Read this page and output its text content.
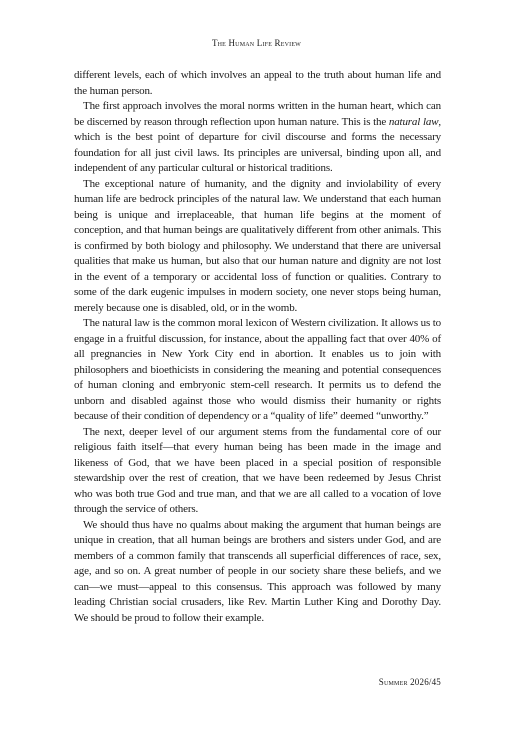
The Human Life Review

different levels, each of which involves an appeal to the truth about human life and the human person.

The first approach involves the moral norms written in the human heart, which can be discerned by reason through reflection upon human nature. This is the natural law, which is the best point of departure for civil discourse and forms the necessary foundation for all just civil laws. Its principles are universal, binding upon all, and independent of any particular cultural or historical traditions.

The exceptional nature of humanity, and the dignity and inviolability of every human life are bedrock principles of the natural law. We understand that each human being is unique and irreplaceable, that human life begins at the moment of conception, and that human beings are qualitatively different from other animals. This is confirmed by both biology and philosophy. We understand that there are universal qualities that make us human, but also that our human nature and dignity are not lost in the event of a temporary or accidental loss of function or qualities. Contrary to some of the dark eugenic impulses in modern society, one never stops being human, merely because one is disabled, old, or in the womb.

The natural law is the common moral lexicon of Western civilization. It allows us to engage in a fruitful discussion, for instance, about the appalling fact that over 40% of all pregnancies in New York City end in abortion. It enables us to join with philosophers and bioethicists in considering the meaning and potential consequences of human cloning and embryonic stem-cell research. It permits us to defend the unborn and disabled against those who would dismiss their humanity or rights because of their condition of dependency or a “quality of life” deemed “unworthy.”

The next, deeper level of our argument stems from the fundamental core of our religious faith itself—that every human being has been made in the image and likeness of God, that we have been placed in a special position of responsible stewardship over the rest of creation, that we have been redeemed by Jesus Christ who was both true God and true man, and that we are all called to a vocation of love through the service of others.

We should thus have no qualms about making the argument that human beings are unique in creation, that all human beings are brothers and sisters under God, and are members of a common family that transcends all superficial differences of race, sex, age, and so on. A great number of people in our society share these beliefs, and we can—we must—appeal to this consensus. This approach was followed by many leading Christian social crusaders, like Rev. Martin Luther King and Dorothy Day. We should be proud to follow their example.

Summer 2026/45
